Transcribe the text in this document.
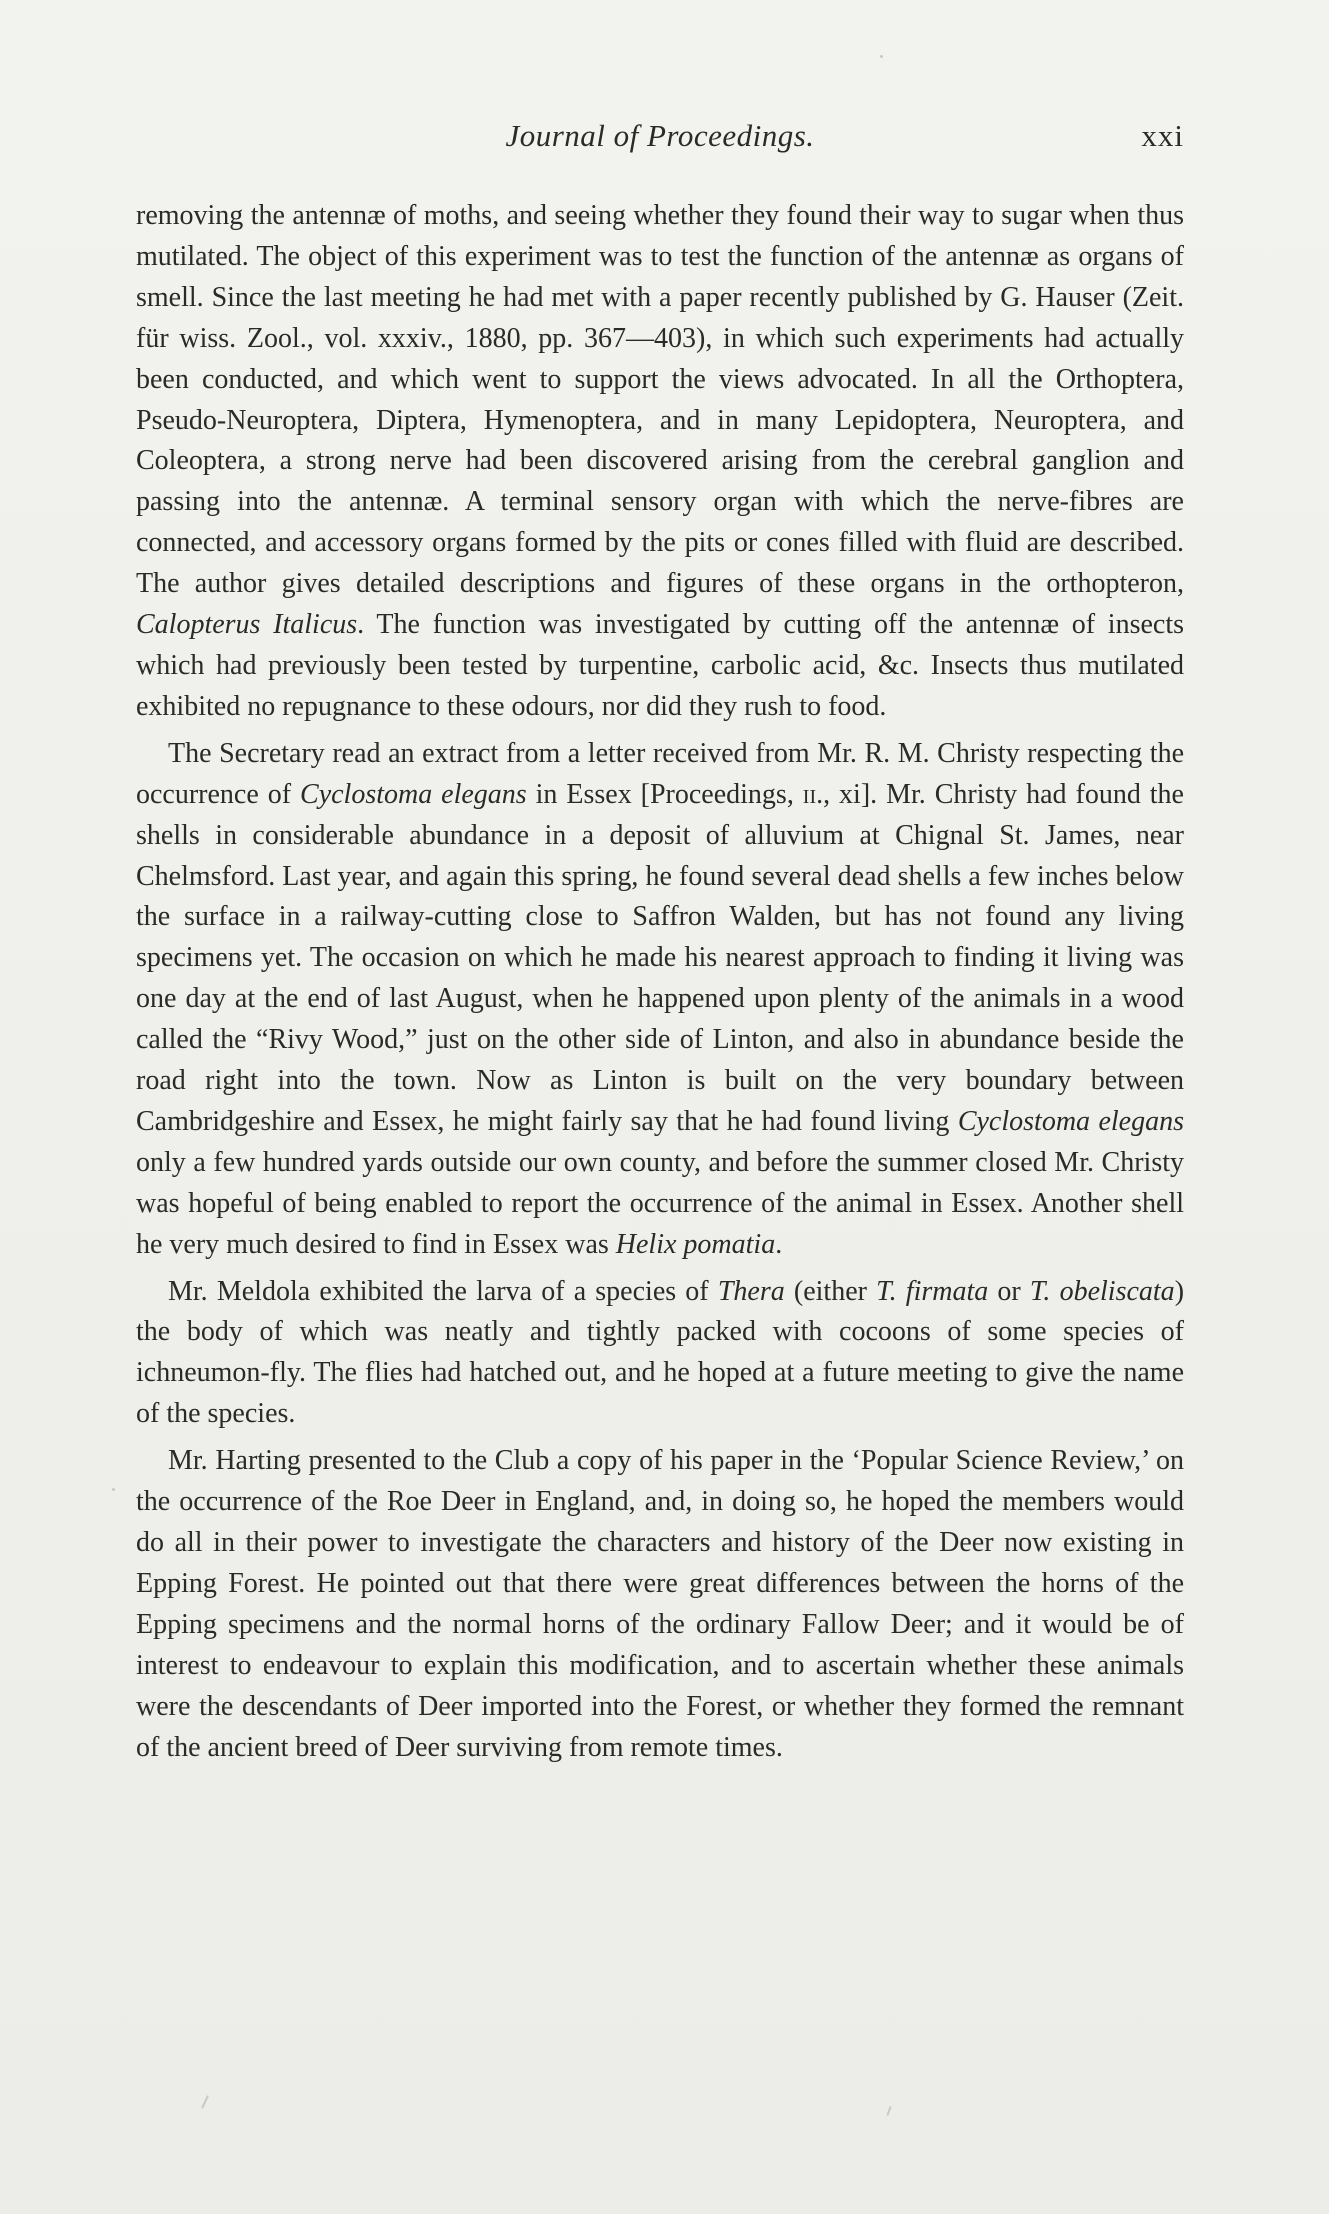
Journal of Proceedings.	xxi

removing the antennæ of moths, and seeing whether they found their way to sugar when thus mutilated. The object of this experiment was to test the function of the antennæ as organs of smell. Since the last meeting he had met with a paper recently published by G. Hauser (Zeit. für wiss. Zool., vol. xxxiv., 1880, pp. 367—403), in which such experiments had actually been conducted, and which went to support the views advocated. In all the Orthoptera, Pseudo-Neuroptera, Diptera, Hymenoptera, and in many Lepidoptera, Neuroptera, and Coleoptera, a strong nerve had been discovered arising from the cerebral ganglion and passing into the antennæ. A terminal sensory organ with which the nerve-fibres are connected, and accessory organs formed by the pits or cones filled with fluid are described. The author gives detailed descriptions and figures of these organs in the orthopteron, Calopterus Italicus. The function was investigated by cutting off the antennæ of insects which had previously been tested by turpentine, carbolic acid, &c. Insects thus mutilated exhibited no repugnance to these odours, nor did they rush to food.

The Secretary read an extract from a letter received from Mr. R. M. Christy respecting the occurrence of Cyclostoma elegans in Essex [Proceedings, ii., xi]. Mr. Christy had found the shells in considerable abundance in a deposit of alluvium at Chignal St. James, near Chelmsford. Last year, and again this spring, he found several dead shells a few inches below the surface in a railway-cutting close to Saffron Walden, but has not found any living specimens yet. The occasion on which he made his nearest approach to finding it living was one day at the end of last August, when he happened upon plenty of the animals in a wood called the “Rivy Wood,” just on the other side of Linton, and also in abundance beside the road right into the town. Now as Linton is built on the very boundary between Cambridgeshire and Essex, he might fairly say that he had found living Cyclostoma elegans only a few hundred yards outside our own county, and before the summer closed Mr. Christy was hopeful of being enabled to report the occurrence of the animal in Essex. Another shell he very much desired to find in Essex was Helix pomatia.

Mr. Meldola exhibited the larva of a species of Thera (either T. firmata or T. obeliscata) the body of which was neatly and tightly packed with cocoons of some species of ichneumon-fly. The flies had hatched out, and he hoped at a future meeting to give the name of the species.

Mr. Harting presented to the Club a copy of his paper in the ‘Popular Science Review,’ on the occurrence of the Roe Deer in England, and, in doing so, he hoped the members would do all in their power to investigate the characters and history of the Deer now existing in Epping Forest. He pointed out that there were great differences between the horns of the Epping specimens and the normal horns of the ordinary Fallow Deer; and it would be of interest to endeavour to explain this modification, and to ascertain whether these animals were the descendants of Deer imported into the Forest, or whether they formed the remnant of the ancient breed of Deer surviving from remote times.
